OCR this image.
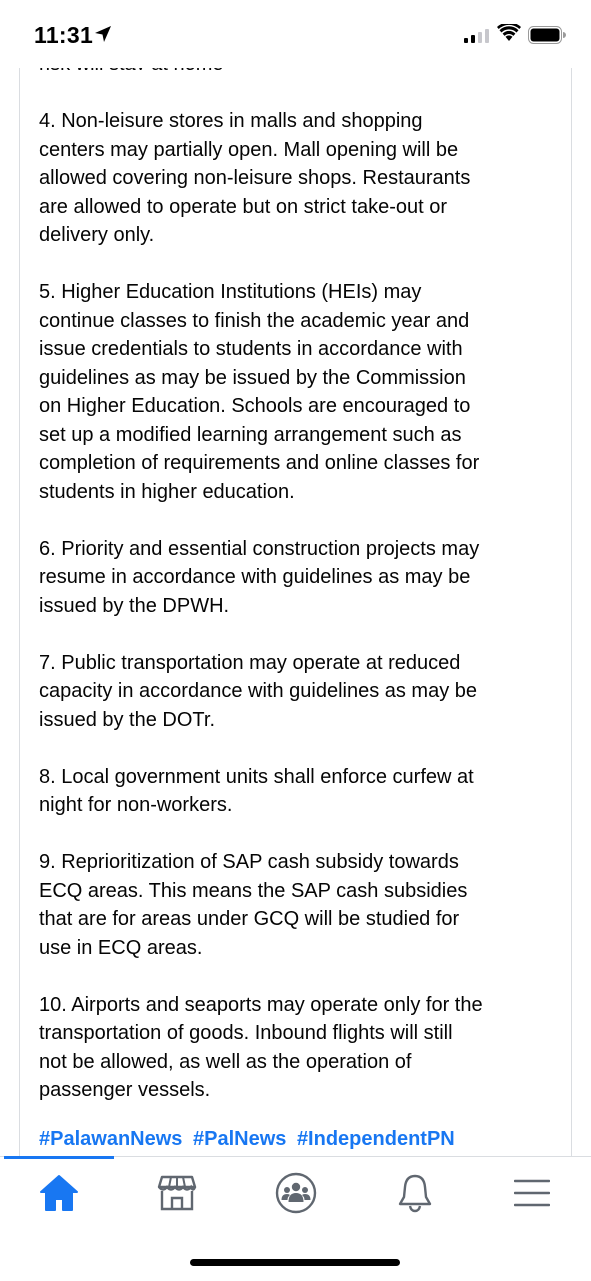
11:31

4. Non-leisure stores in malls and shopping
centers may partially open. Mall opening will be
allowed covering non-leisure shops. Restaurants
are allowed to operate but on strict take-out or
delivery only.

5. Higher Education Institutions (HEIs) may
continue classes to finish the academic year and
issue credentials to students in accordance with
guidelines as may be issued by the Commission
on Higher Education. Schools are encouraged to
set up a modified learning arrangement such as
completion of requirements and online classes for
students in higher education.

6. Priority and essential construction projects may
resume in accordance with guidelines as may be
issued by the DPWH.

7. Public transportation may operate at reduced
capacity in accordance with guidelines as may be
issued by the DOTr.

8. Local government units shall enforce curfew at
night for non-workers.

9. Reprioritization of SAP cash subsidy towards
ECQ areas. This means the SAP cash subsidies
that are for areas under GCQ will be studied for
use in ECQ areas.

10. Airports and seaports may operate only for the
transportation of goods. Inbound flights will still
not be allowed, as well as the operation of
passenger vessels.

#PalawanNews #PalNews #IndependentPN
